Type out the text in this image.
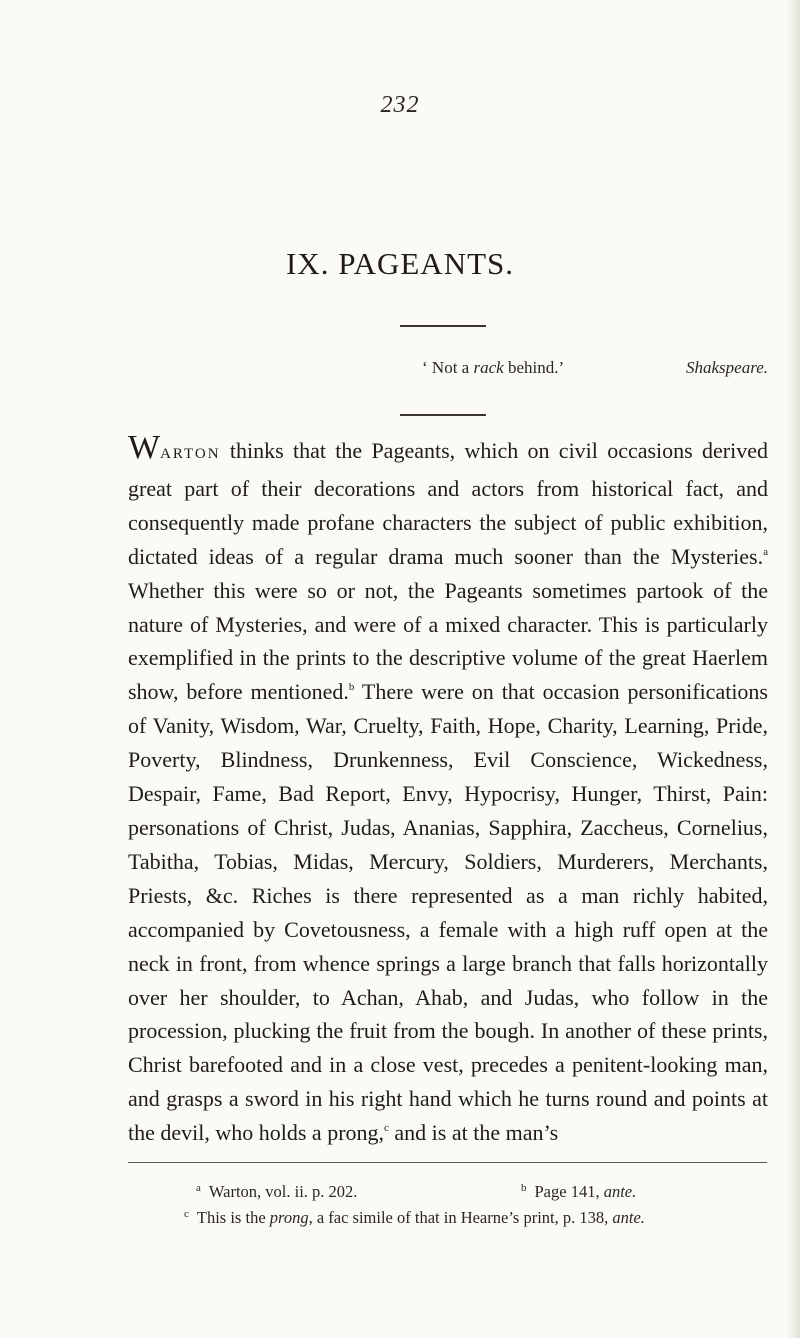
232
IX. PAGEANTS.
‘ Not a rack behind.’	Shakspeare.

WARTON thinks that the Pageants, which on civil occasions derived great part of their decorations and actors from historical fact, and consequently made profane characters the subject of public exhibition, dictated ideas of a regular drama much sooner than the Mysteries.$^a$ Whether this were so or not, the Pageants sometimes partook of the nature of Mysteries, and were of a mixed character. This is particularly exemplified in the prints to the descriptive volume of the great Haerlem show, before mentioned.$^b$ There were on that occasion personifications of Vanity, Wisdom, War, Cruelty, Faith, Hope, Charity, Learning, Pride, Poverty, Blindness, Drunkenness, Evil Conscience, Wickedness, Despair, Fame, Bad Report, Envy, Hypocrisy, Hunger, Thirst, Pain: personations of Christ, Judas, Ananias, Sapphira, Zaccheus, Cornelius, Tabitha, Tobias, Midas, Mercury, Soldiers, Murderers, Merchants, Priests, &c. Riches is there represented as a man richly habited, accompanied by Covetousness, a female with a high ruff open at the neck in front, from whence springs a large branch that falls horizontally over her shoulder, to Achan, Ahab, and Judas, who follow in the procession, plucking the fruit from the bough. In another of these prints, Christ barefooted and in a close vest, precedes a penitent-looking man, and grasps a sword in his right hand which he turns round and points at the devil, who holds a prong,$^c$ and is at the man’s

$^a$ Warton, vol. ii. p. 202.	$^b$ Page 141, ante.
$^c$ This is the prong, a fac simile of that in Hearne’s print, p. 138, ante.
